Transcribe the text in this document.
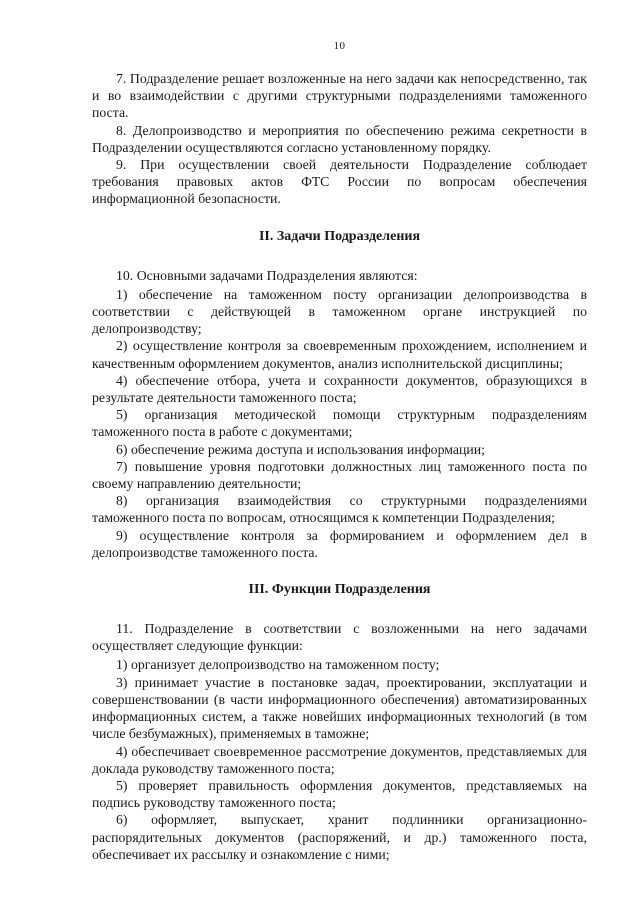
10

7. Подразделение решает возложенные на него задачи как непосредственно, так и во взаимодействии с другими структурными подразделениями таможенного поста.

8. Делопроизводство и мероприятия по обеспечению режима секретности в Подразделении осуществляются согласно установленному порядку.

9. При осуществлении своей деятельности Подразделение соблюдает требования правовых актов ФТС России по вопросам обеспечения информационной безопасности.

II. Задачи Подразделения

10. Основными задачами Подразделения являются:

1) обеспечение на таможенном посту организации делопроизводства в соответствии с действующей в таможенном органе инструкцией по делопроизводству;

2) осуществление контроля за своевременным прохождением, исполнением и качественным оформлением документов, анализ исполнительской дисциплины;

4) обеспечение отбора, учета и сохранности документов, образующихся в результате деятельности таможенного поста;

5) организация методической помощи структурным подразделениям таможенного поста в работе с документами;

6) обеспечение режима доступа и использования информации;

7) повышение уровня подготовки должностных лиц таможенного поста по своему направлению деятельности;

8) организация взаимодействия со структурными подразделениями таможенного поста по вопросам, относящимся к компетенции Подразделения;

9) осуществление контроля за формированием и оформлением дел в делопроизводстве таможенного поста.

III. Функции Подразделения

11. Подразделение в соответствии с возложенными на него задачами осуществляет следующие функции:

1) организует делопроизводство на таможенном посту;

3) принимает участие в постановке задач, проектировании, эксплуатации и совершенствовании (в части информационного обеспечения) автоматизированных информационных систем, а также новейших информационных технологий (в том числе безбумажных), применяемых в таможне;

4) обеспечивает своевременное рассмотрение документов, представляемых для доклада руководству таможенного поста;

5) проверяет правильность оформления документов, представляемых на подпись руководству таможенного поста;

6) оформляет, выпускает, хранит подлинники организационно-распорядительных документов (распоряжений, и др.) таможенного поста, обеспечивает их рассылку и ознакомление с ними;
